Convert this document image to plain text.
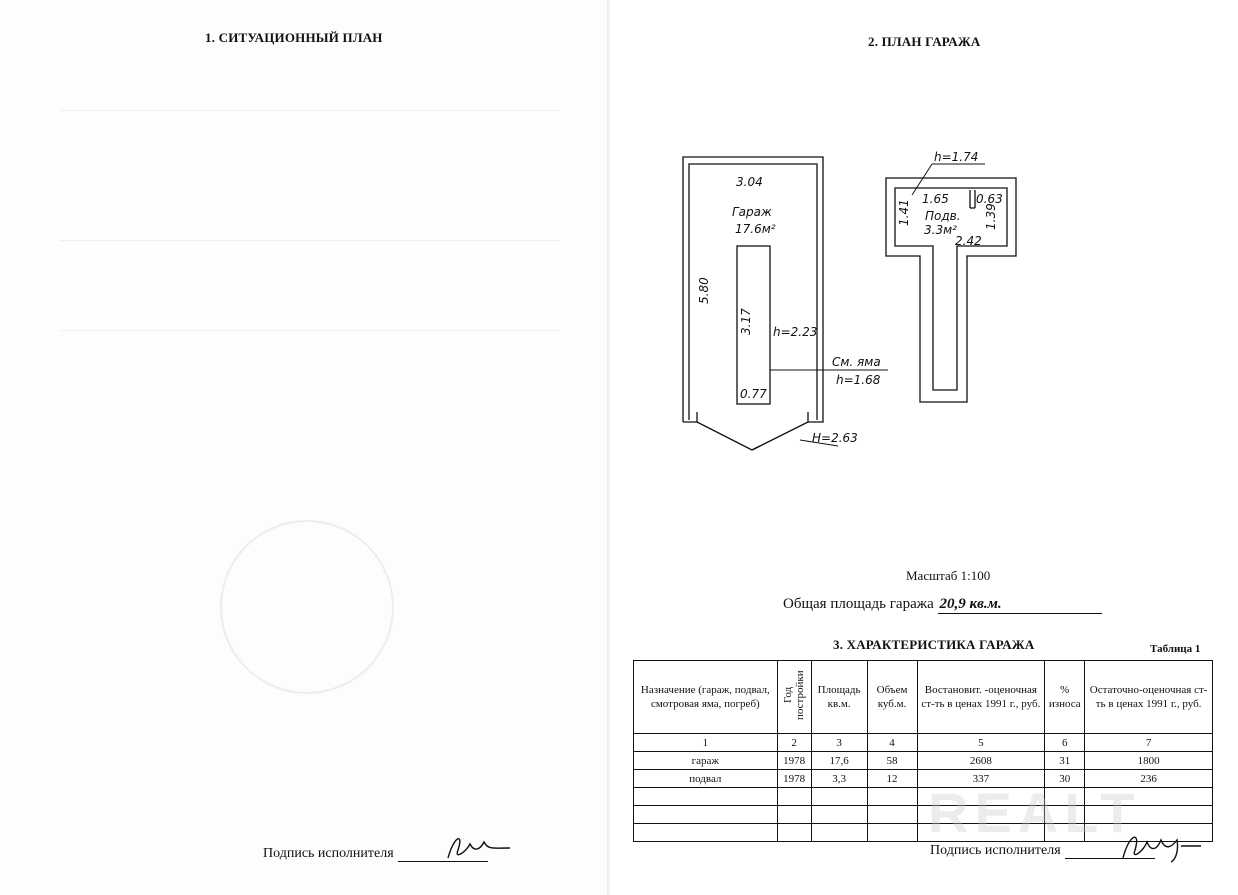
1. СИТУАЦИОННЫЙ ПЛАН
Подпись исполнителя
2. ПЛАН ГАРАЖА
3.04
Гараж
17.6м²
5.80
3.17 h=2.23
0.77
См. яма
h=1.68
H=2.63
h=1.74
1.65 0.63
1.41	1.39
Подв.
3.3м²
2.42
Масштаб 1:100
Общая площадь гаража 20,9 кв.м.
3. ХАРАКТЕРИСТИКА ГАРАЖА	Таблица 1
Назначение (гараж, подвал, смотровая яма, погреб)	Год постройки	Площадь кв.м.	Объем куб.м.	Востановит. -оценочная ст-ть в ценах 1991 г., руб.	% износа	Остаточно-оценочная ст-ть в ценах 1991 г., руб.
1	2	3	4	5	6	7
гараж	1978	17,6	58	2608	31	1800
подвал	1978	3,3	12	337	30	236

REALT
Подпись исполнителя
